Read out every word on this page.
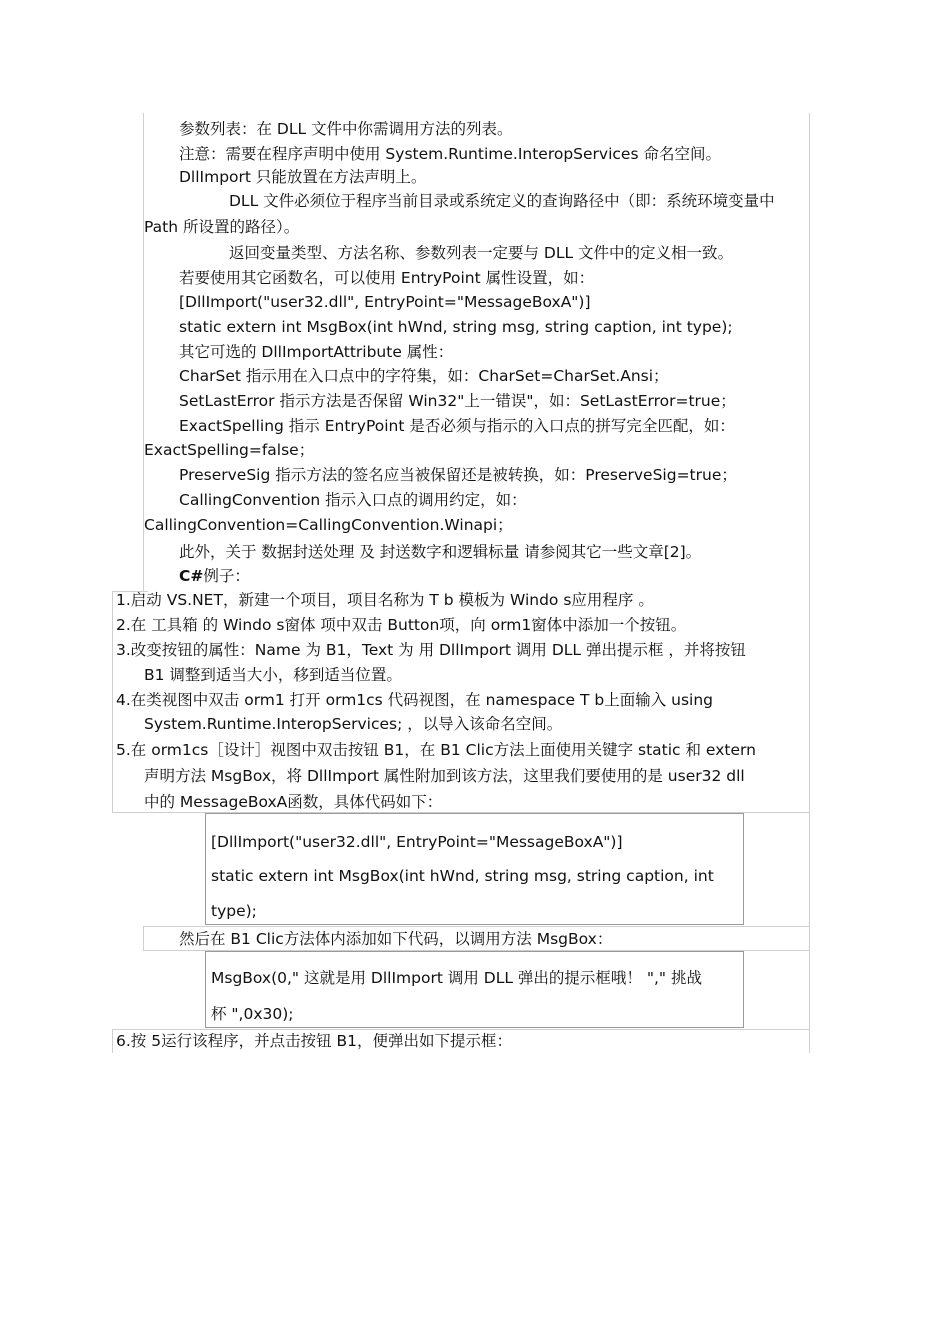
参数列表：在 DLL 文件中你需调用方法的列表。
注意：需要在程序声明中使用 System.Runtime.InteropServices 命名空间。
DllImport 只能放置在方法声明上。
DLL 文件必须位于程序当前目录或系统定义的查询路径中（即：系统环境变量中
Path 所设置的路径）。
返回变量类型、方法名称、参数列表一定要与 DLL 文件中的定义相一致。
若要使用其它函数名，可以使用 EntryPoint 属性设置，如：
[DllImport("user32.dll", EntryPoint="MessageBoxA")]
static extern int MsgBox(int hWnd, string msg, string caption, int type);
其它可选的 DllImportAttribute 属性：
CharSet 指示用在入口点中的字符集，如：CharSet=CharSet.Ansi；
SetLastError 指示方法是否保留 Win32"上一错误"，如：SetLastError=true；
ExactSpelling 指示 EntryPoint 是否必须与指示的入口点的拼写完全匹配，如：
ExactSpelling=false；
PreserveSig 指示方法的签名应当被保留还是被转换，如：PreserveSig=true；
CallingConvention 指示入口点的调用约定，如：
CallingConvention=CallingConvention.Winapi；
此外，关于 数据封送处理 及 封送数字和逻辑标量 请参阅其它一些文章[2]。
C#例子：
1.启动 VS.NET，新建一个项目，项目名称为 T b 模板为 Windo s应用程序 。
2.在 工具箱 的 Windo s窗体 项中双击 Button项，向 orm1窗体中添加一个按钮。
3.改变按钮的属性：Name 为 B1，Text 为 用 DllImport 调用 DLL 弹出提示框 ，并将按钮
B1 调整到适当大小，移到适当位置。
4.在类视图中双击 orm1 打开 orm1cs 代码视图，在 namespace T b上面输入 using
System.Runtime.InteropServices; ，以导入该命名空间。
5.在 orm1cs［设计］视图中双击按钮 B1，在 B1 Clic方法上面使用关键字 static 和 extern
声明方法 MsgBox，将 DllImport 属性附加到该方法，这里我们要使用的是 user32 dll
中的 MessageBoxA函数，具体代码如下：
[DllImport("user32.dll", EntryPoint="MessageBoxA")]
static extern int MsgBox(int hWnd, string msg, string caption, int
type);
然后在 B1 Clic方法体内添加如下代码，以调用方法 MsgBox：
MsgBox(0," 这就是用 DllImport 调用 DLL 弹出的提示框哦！ "," 挑战
杯 ",0x30);
6.按 5运行该程序，并点击按钮 B1，便弹出如下提示框：
